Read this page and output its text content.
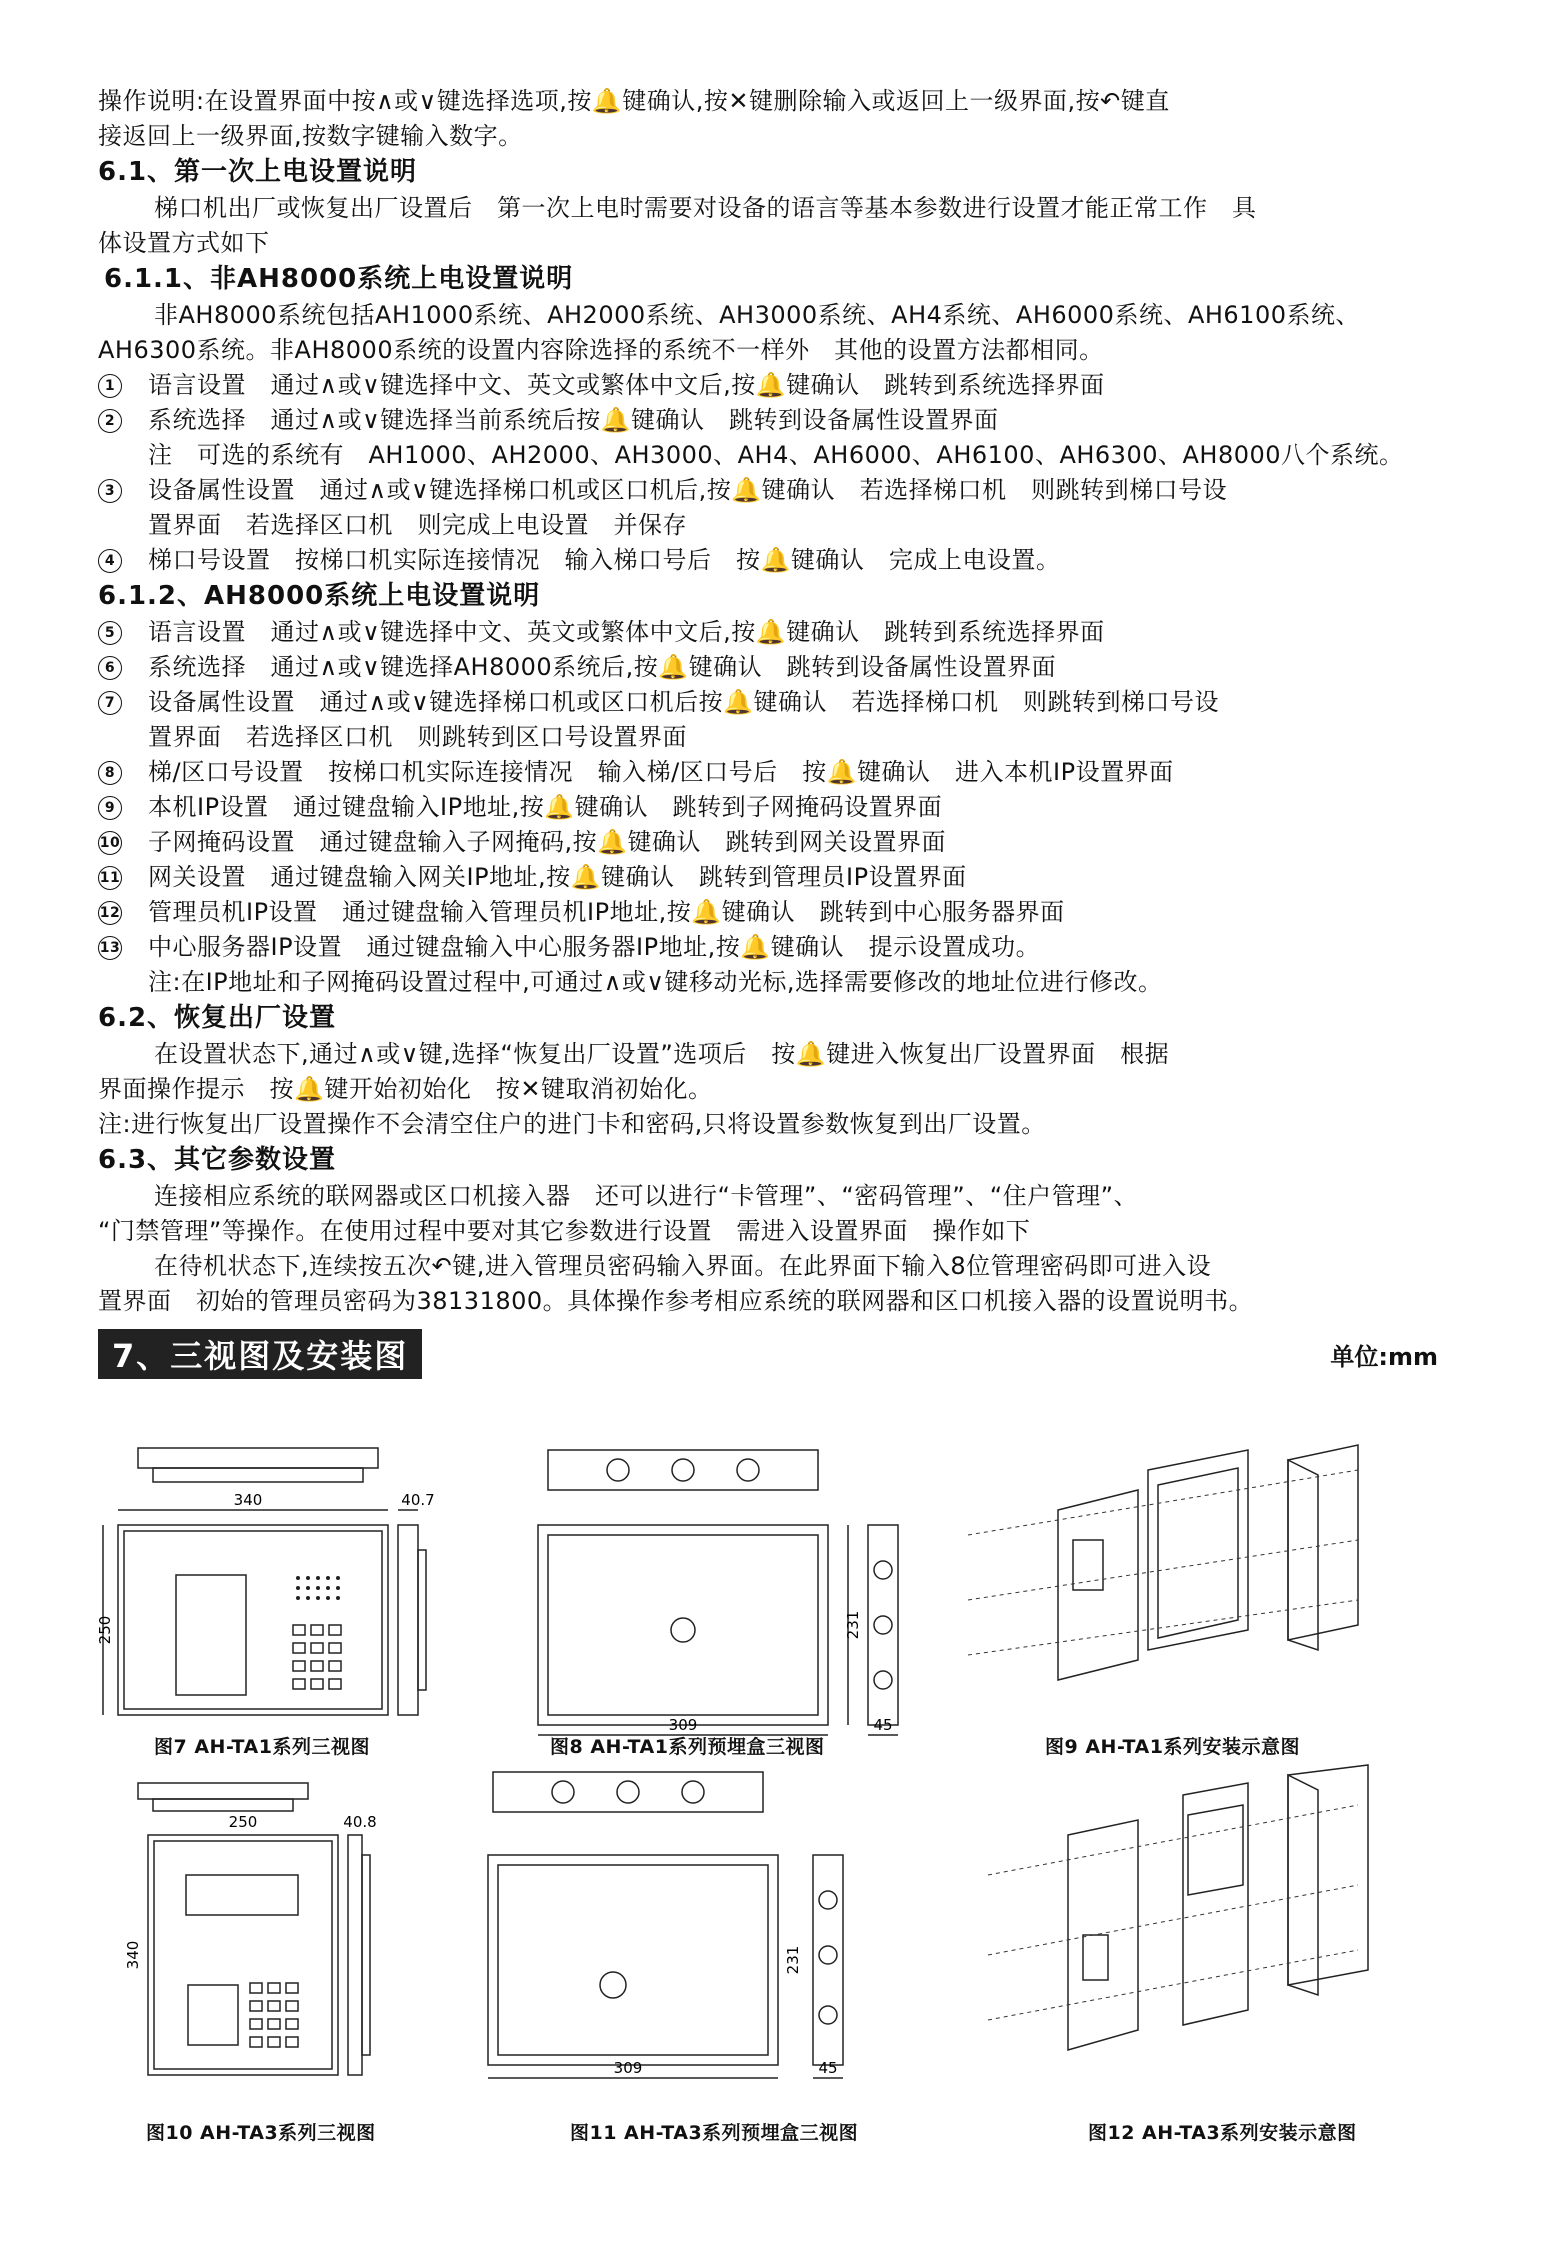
操作说明:在设置界面中按∧或∨键选择选项,按🔔键确认,按✕键删除输入或返回上一级界面,按↶键直
接返回上一级界面,按数字键输入数字。
6.1、第一次上电设置说明
梯口机出厂或恢复出厂设置后　第一次上电时需要对设备的语言等基本参数进行设置才能正常工作　具
体设置方式如下
6.1.1、非AH8000系统上电设置说明
非AH8000系统包括AH1000系统、AH2000系统、AH3000系统、AH4系统、AH6000系统、AH6100系统、
AH6300系统。非AH8000系统的设置内容除选择的系统不一样外　其他的设置方法都相同。
1 语言设置　通过∧或∨键选择中文、英文或繁体中文后,按🔔键确认　跳转到系统选择界面
2 系统选择　通过∧或∨键选择当前系统后按🔔键确认　跳转到设备属性设置界面
注　可选的系统有　AH1000、AH2000、AH3000、AH4、AH6000、AH6100、AH6300、AH8000八个系统。
3 设备属性设置　通过∧或∨键选择梯口机或区口机后,按🔔键确认　若选择梯口机　则跳转到梯口号设
置界面　若选择区口机　则完成上电设置　并保存
4 梯口号设置　按梯口机实际连接情况　输入梯口号后　按🔔键确认　完成上电设置。
6.1.2、AH8000系统上电设置说明
5 语言设置　通过∧或∨键选择中文、英文或繁体中文后,按🔔键确认　跳转到系统选择界面
6 系统选择　通过∧或∨键选择AH8000系统后,按🔔键确认　跳转到设备属性设置界面
7 设备属性设置　通过∧或∨键选择梯口机或区口机后按🔔键确认　若选择梯口机　则跳转到梯口号设
置界面　若选择区口机　则跳转到区口号设置界面
8 梯/区口号设置　按梯口机实际连接情况　输入梯/区口号后　按🔔键确认　进入本机IP设置界面
9 本机IP设置　通过键盘输入IP地址,按🔔键确认　跳转到子网掩码设置界面
10 子网掩码设置　通过键盘输入子网掩码,按🔔键确认　跳转到网关设置界面
11 网关设置　通过键盘输入网关IP地址,按🔔键确认　跳转到管理员IP设置界面
12 管理员机IP设置　通过键盘输入管理员机IP地址,按🔔键确认　跳转到中心服务器界面
13 中心服务器IP设置　通过键盘输入中心服务器IP地址,按🔔键确认　提示设置成功。
注:在IP地址和子网掩码设置过程中,可通过∧或∨键移动光标,选择需要修改的地址位进行修改。
6.2、恢复出厂设置
在设置状态下,通过∧或∨键,选择“恢复出厂设置”选项后　按🔔键进入恢复出厂设置界面　根据
界面操作提示　按🔔键开始初始化　按✕键取消初始化。
注:进行恢复出厂设置操作不会清空住户的进门卡和密码,只将设置参数恢复到出厂设置。
6.3、其它参数设置
连接相应系统的联网器或区口机接入器　还可以进行“卡管理”、“密码管理”、“住户管理”、
“门禁管理”等操作。在使用过程中要对其它参数进行设置　需进入设置界面　操作如下
在待机状态下,连续按五次↶键,进入管理员密码输入界面。在此界面下输入8位管理密码即可进入设
置界面　初始的管理员密码为38131800。具体操作参考相应系统的联网器和区口机接入器的设置说明书。
7、三视图及安装图	单位:mm
340	40.7
250
图7 AH-TA1系列三视图
309
231
45
图8 AH-TA1系列预埋盒三视图	图9 AH-TA1系列安装示意图
250	40.8
340
图10 AH-TA3系列三视图
309
231
45
图11 AH-TA3系列预埋盒三视图	图12 AH-TA3系列安装示意图
